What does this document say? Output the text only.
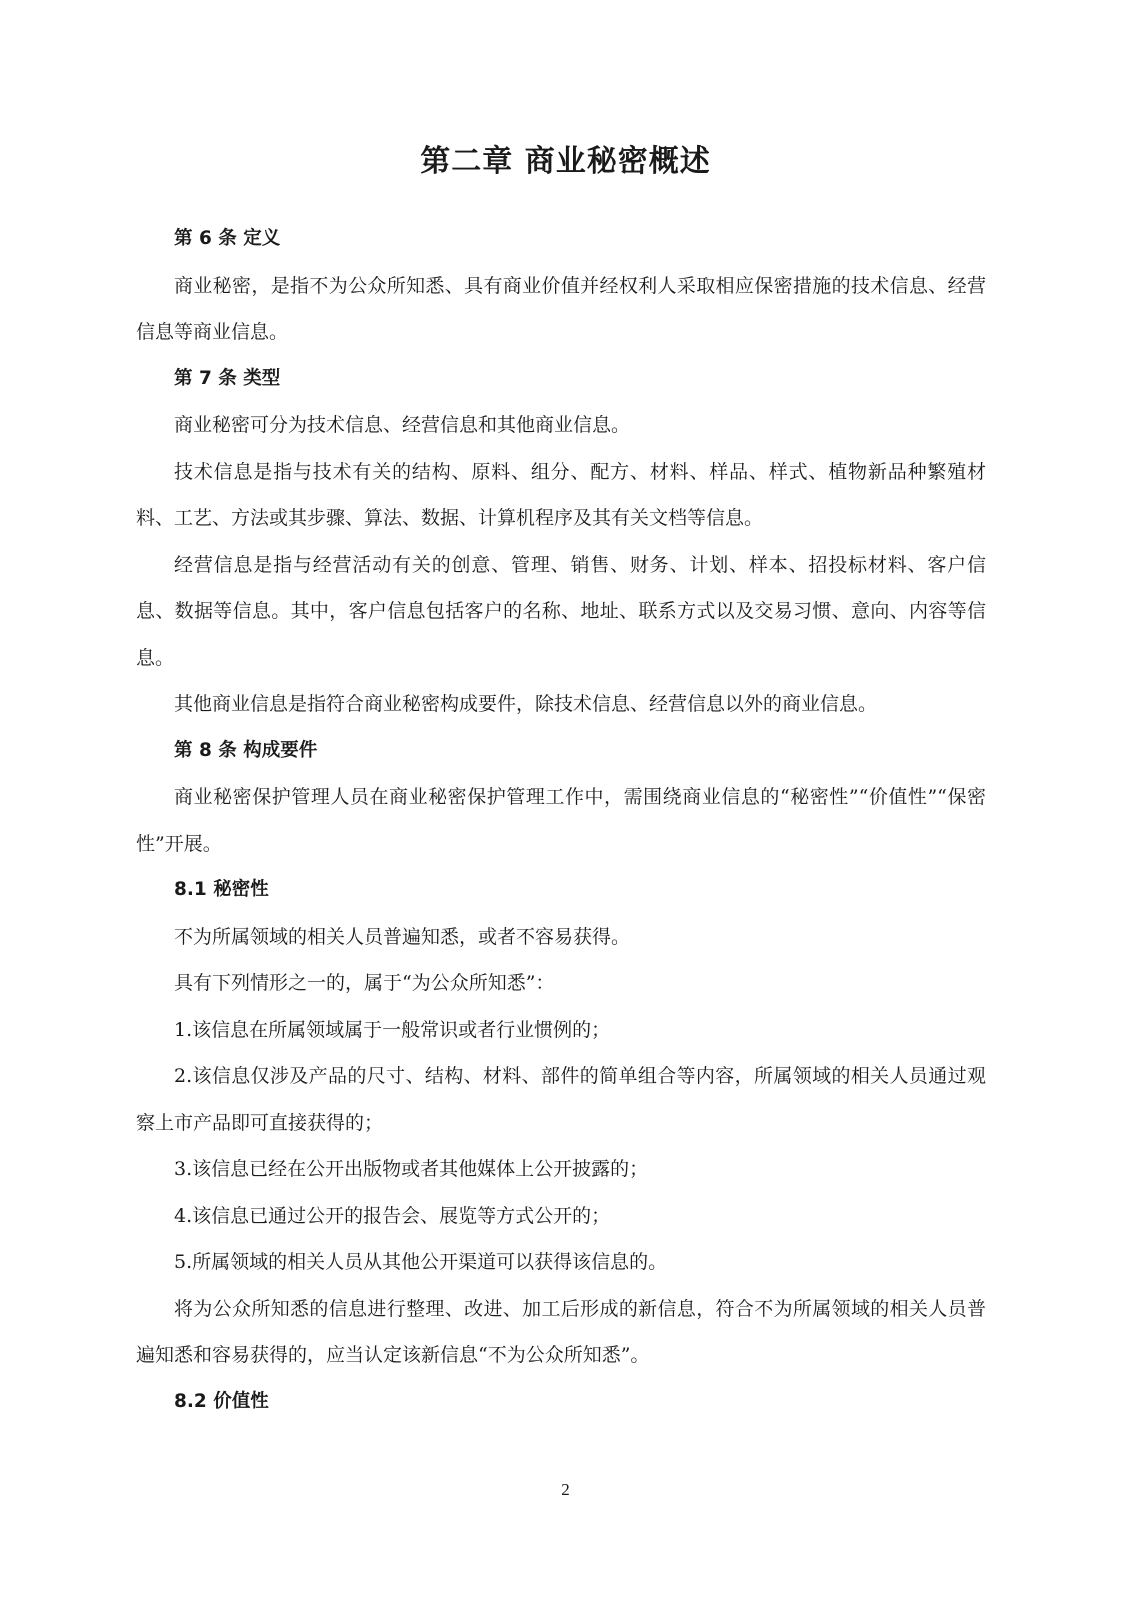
第二章 商业秘密概述

第 6 条 定义

商业秘密，是指不为公众所知悉、具有商业价值并经权利人采取相应保密措施的技术信息、经营信息等商业信息。

第 7 条 类型

商业秘密可分为技术信息、经营信息和其他商业信息。

技术信息是指与技术有关的结构、原料、组分、配方、材料、样品、样式、植物新品种繁殖材料、工艺、方法或其步骤、算法、数据、计算机程序及其有关文档等信息。

经营信息是指与经营活动有关的创意、管理、销售、财务、计划、样本、招投标材料、客户信息、数据等信息。其中，客户信息包括客户的名称、地址、联系方式以及交易习惯、意向、内容等信息。

其他商业信息是指符合商业秘密构成要件，除技术信息、经营信息以外的商业信息。

第 8 条 构成要件

商业秘密保护管理人员在商业秘密保护管理工作中，需围绕商业信息的“秘密性”“价值性”“保密性”开展。

8.1 秘密性

不为所属领域的相关人员普遍知悉，或者不容易获得。

具有下列情形之一的，属于“为公众所知悉”：

1.该信息在所属领域属于一般常识或者行业惯例的；

2.该信息仅涉及产品的尺寸、结构、材料、部件的简单组合等内容，所属领域的相关人员通过观察上市产品即可直接获得的；

3.该信息已经在公开出版物或者其他媒体上公开披露的；

4.该信息已通过公开的报告会、展览等方式公开的；

5.所属领域的相关人员从其他公开渠道可以获得该信息的。

将为公众所知悉的信息进行整理、改进、加工后形成的新信息，符合不为所属领域的相关人员普遍知悉和容易获得的，应当认定该新信息“不为公众所知悉”。

8.2 价值性

2
